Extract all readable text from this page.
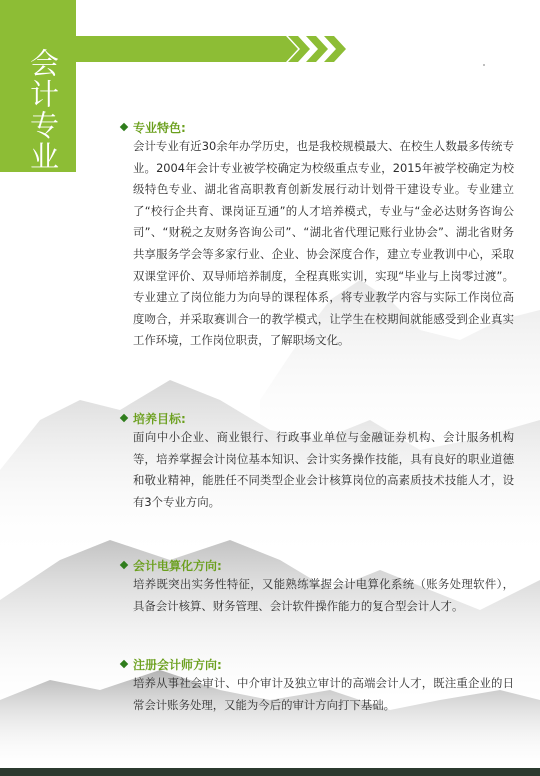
会计专业	专业特色:

会计专业有近30余年办学历史，也是我校规模最大、在校生人数最多传统专业。2004年会计专业被学校确定为校级重点专业，2015年被学校确定为校级特色专业、湖北省高职教育创新发展行动计划骨干建设专业。专业建立了“校行企共育、课岗证互通”的人才培养模式，专业与“金必达财务咨询公司”、“财税之友财务咨询公司”、“湖北省代理记账行业协会”、湖北省财务共享服务学会等多家行业、企业、协会深度合作，建立专业教训中心，采取双课堂评价、双导师培养制度，全程真账实训，实现“毕业与上岗零过渡”。专业建立了岗位能力为向导的课程体系，将专业教学内容与实际工作岗位高度吻合，并采取赛训合一的教学模式，让学生在校期间就能感受到企业真实工作环境，工作岗位职责，了解职场文化。

培养目标:

面向中小企业、商业银行、行政事业单位与金融证券机构、会计服务机构等，培养掌握会计岗位基本知识、会计实务操作技能，具有良好的职业道德和敬业精神，能胜任不同类型企业会计核算岗位的高素质技术技能人才，设有3个专业方向。

会计电算化方向:

培养既突出实务性特征，又能熟练掌握会计电算化系统（账务处理软件），具备会计核算、财务管理、会计软件操作能力的复合型会计人才。

注册会计师方向:

培养从事社会审计、中介审计及独立审计的高端会计人才，既注重企业的日常会计账务处理，又能为今后的审计方向打下基础。
